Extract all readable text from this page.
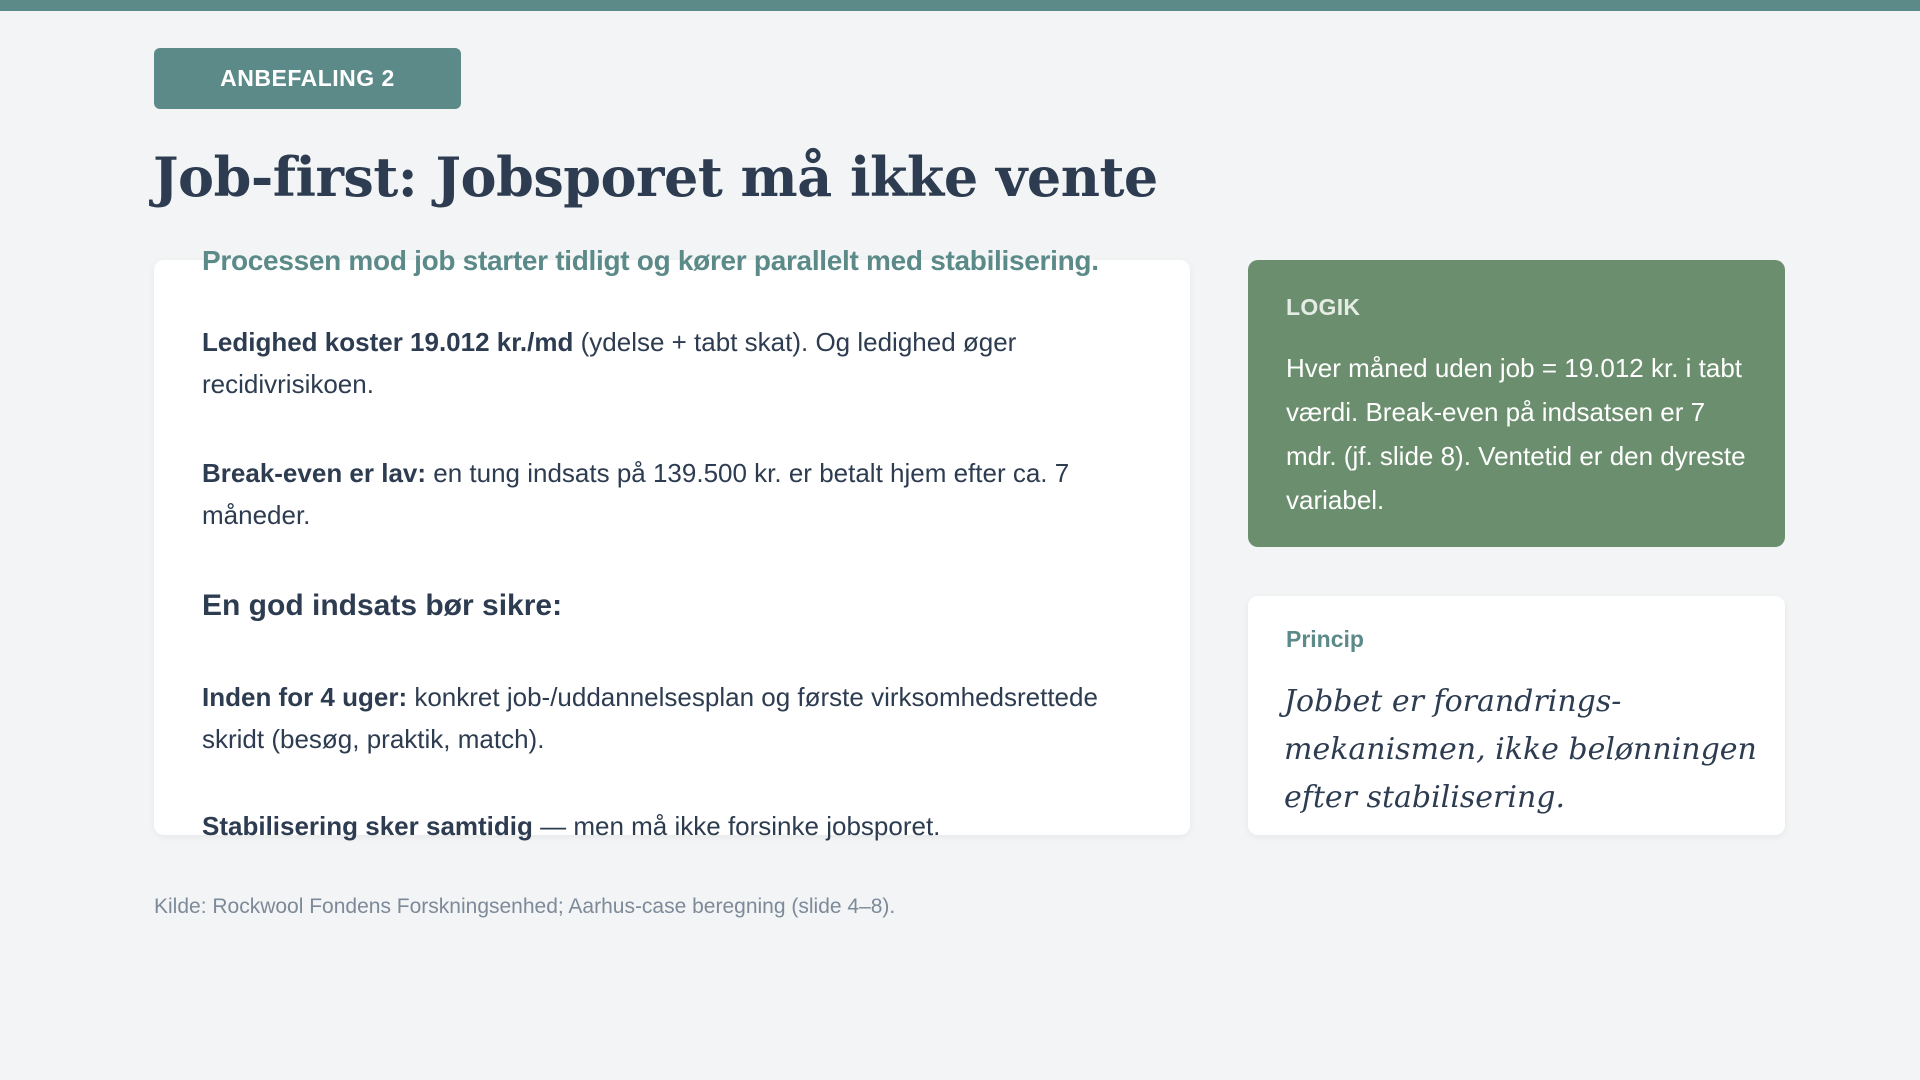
ANBEFALING 2
Job-first: Jobsporet må ikke vente

Processen mod job starter tidligt og kører parallelt med stabilisering.

Ledighed koster 19.012 kr./md (ydelse + tabt skat). Og ledighed øger recidivrisikoen.

Break-even er lav: en tung indsats på 139.500 kr. er betalt hjem efter ca. 7 måneder.

En god indsats bør sikre:

Inden for 4 uger: konkret job-/uddannelsesplan og første virksomhedsrettede skridt (besøg, praktik, match).

Stabilisering sker samtidig — men må ikke forsinke jobsporet.

LOGIK

Hver måned uden job = 19.012 kr. i tabt værdi. Break-even på indsatsen er 7 mdr. (jf. slide 8). Ventetid er den dyreste variabel.

Princip

Jobbet er forandrings-mekanismen, ikke belønningen efter stabilisering.

Kilde: Rockwool Fondens Forskningsenhed; Aarhus-case beregning (slide 4–8).
